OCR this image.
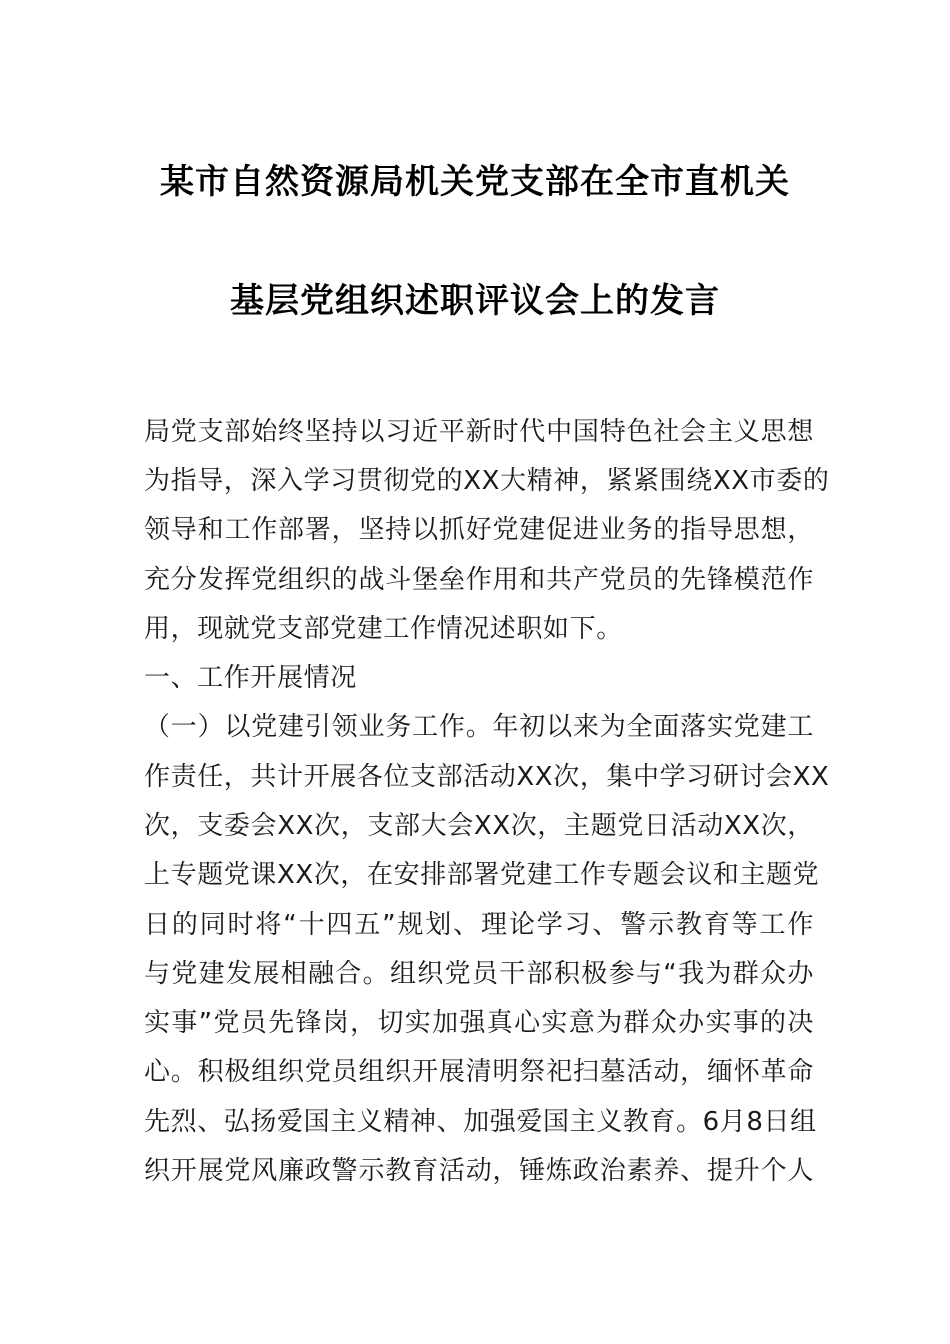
某市自然资源局机关党支部在全市直机关
基层党组织述职评议会上的发言
局党支部始终坚持以习近平新时代中国特色社会主义思想
为指导，深入学习贯彻党的XX大精神，紧紧围绕XX市委的
领导和工作部署，坚持以抓好党建促进业务的指导思想，
充分发挥党组织的战斗堡垒作用和共产党员的先锋模范作
用，现就党支部党建工作情况述职如下。
一、工作开展情况
（一）以党建引领业务工作。年初以来为全面落实党建工
作责任，共计开展各位支部活动XX次，集中学习研讨会XX
次，支委会XX次，支部大会XX次，主题党日活动XX次，
上专题党课XX次，在安排部署党建工作专题会议和主题党
日的同时将“十四五”规划、理论学习、警示教育等工作
与党建发展相融合。组织党员干部积极参与“我为群众办
实事”党员先锋岗，切实加强真心实意为群众办实事的决
心。积极组织党员组织开展清明祭祀扫墓活动，缅怀革命
先烈、弘扬爱国主义精神、加强爱国主义教育。6月8日组
织开展党风廉政警示教育活动，锤炼政治素养、提升个人
